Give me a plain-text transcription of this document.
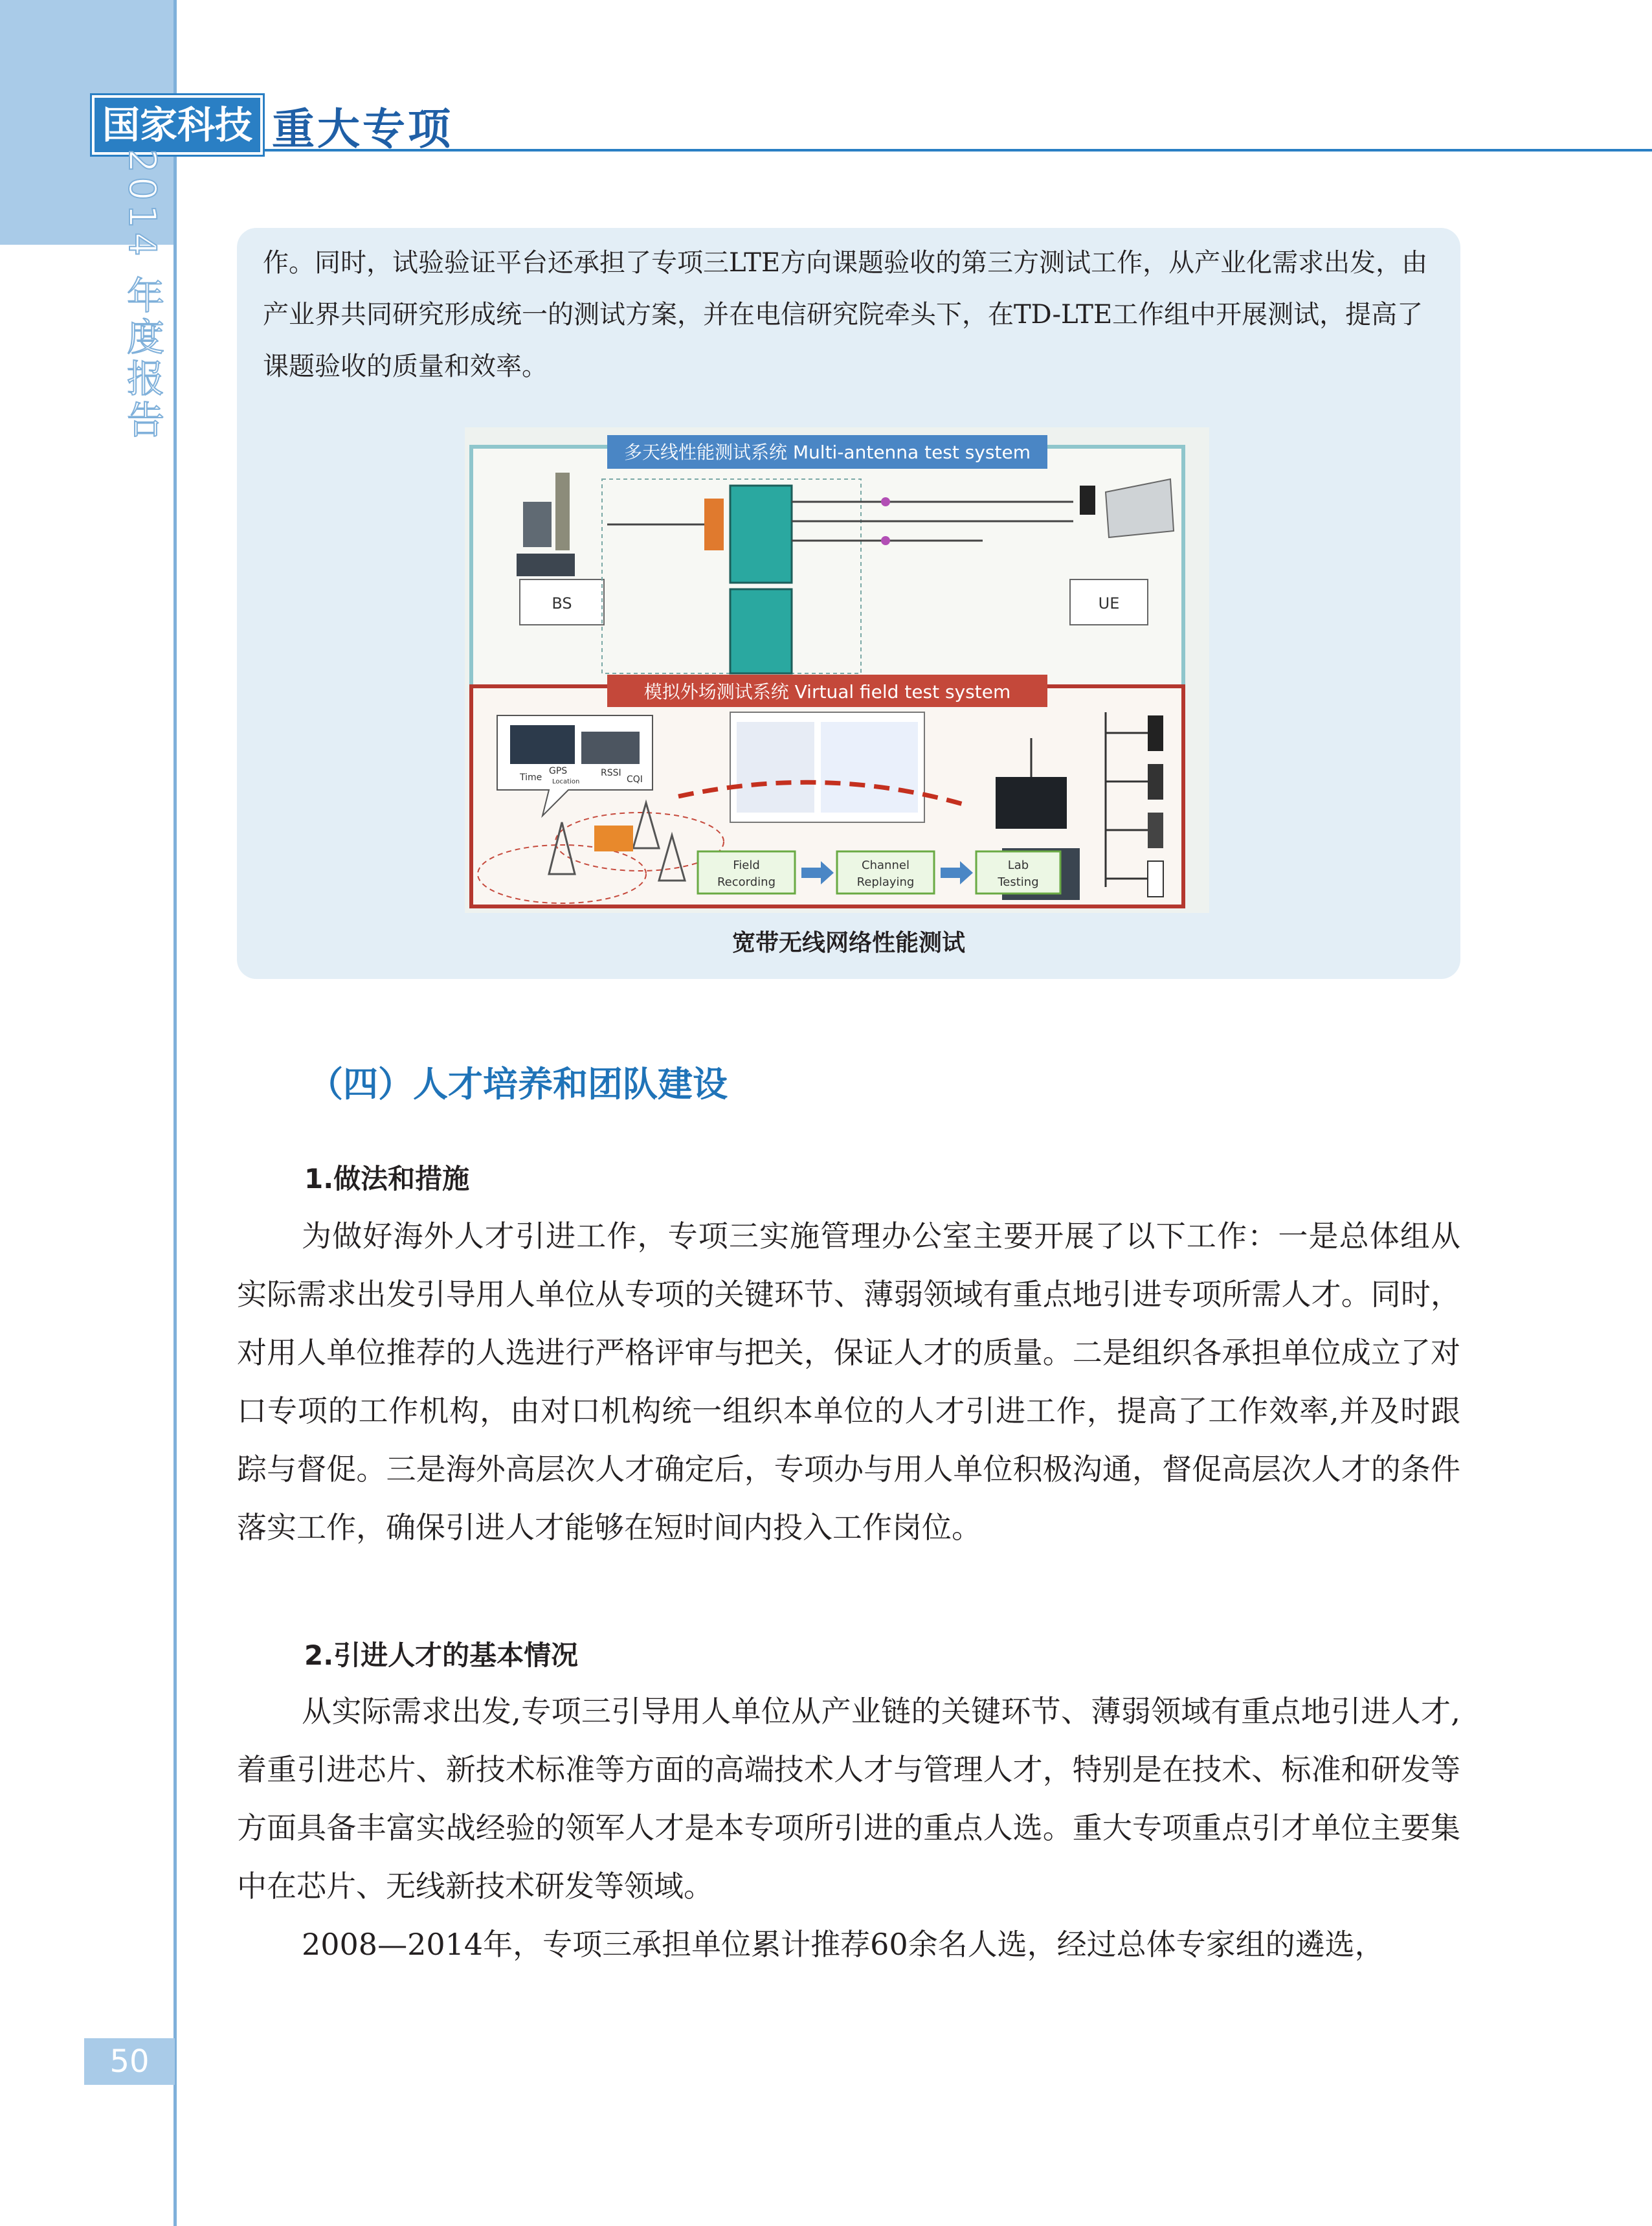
国家科技 重大专项
2014 年度报告
50

作。同时，试验验证平台还承担了专项三LTE方向课题验收的第三方测试工作，从产业化需求出发，由产业界共同研究形成统一的测试方案，并在电信研究院牵头下，在TD-LTE工作组中开展测试，提高了课题验收的质量和效率。

多天线性能测试系统 Multi-antenna test system
BS	UE
模拟外场测试系统 Virtual field test system
Time
GPS
Location
RSSI
CQI
Field
Recording
Channel
Replaying
Lab
Testing
宽带无线网络性能测试
（四）人才培养和团队建设
1.做法和措施

为做好海外人才引进工作，专项三实施管理办公室主要开展了以下工作：一是总体组从实际需求出发引导用人单位从专项的关键环节、薄弱领域有重点地引进专项所需人才。同时，对用人单位推荐的人选进行严格评审与把关，保证人才的质量。二是组织各承担单位成立了对口专项的工作机构，由对口机构统一组织本单位的人才引进工作，提高了工作效率,并及时跟踪与督促。三是海外高层次人才确定后，专项办与用人单位积极沟通，督促高层次人才的条件落实工作，确保引进人才能够在短时间内投入工作岗位。

2.引进人才的基本情况

从实际需求出发,专项三引导用人单位从产业链的关键环节、薄弱领域有重点地引进人才,着重引进芯片、新技术标准等方面的高端技术人才与管理人才，特别是在技术、标准和研发等方面具备丰富实战经验的领军人才是本专项所引进的重点人选。重大专项重点引才单位主要集中在芯片、无线新技术研发等领域。

2008—2014年，专项三承担单位累计推荐60余名人选，经过总体专家组的遴选，
